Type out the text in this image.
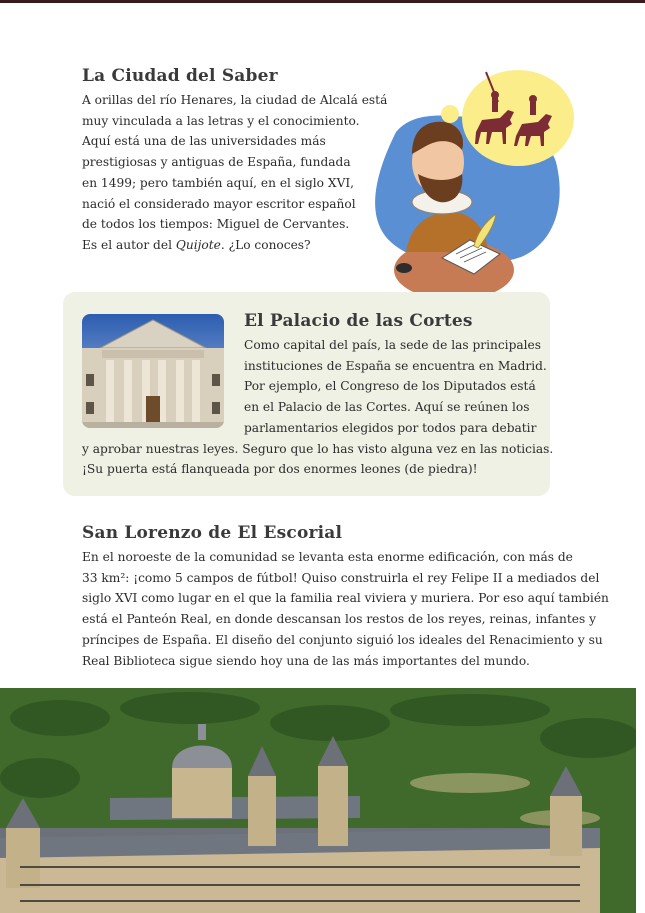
La Ciudad del Saber
A orillas del río Henares, la ciudad de Alcalá está
muy vinculada a las letras y el conocimiento.
Aquí está una de las universidades más
prestigiosas y antiguas de España, fundada
en 1499; pero también aquí, en el siglo XVI,
nació el considerado mayor escritor español
de todos los tiempos: Miguel de Cervantes.
Es el autor del Quijote. ¿Lo conoces?
El Palacio de las Cortes
Como capital del país, la sede de las principales
instituciones de España se encuentra en Madrid.
Por ejemplo, el Congreso de los Diputados está
en el Palacio de las Cortes. Aquí se reúnen los
parlamentarios elegidos por todos para debatir
y aprobar nuestras leyes. Seguro que lo has visto alguna vez en las noticias.
¡Su puerta está flanqueada por dos enormes leones (de piedra)!
San Lorenzo de El Escorial
En el noroeste de la comunidad se levanta esta enorme edificación, con más de
33 km²: ¡como 5 campos de fútbol! Quiso construirla el rey Felipe II a mediados del
siglo XVI como lugar en el que la familia real viviera y muriera. Por eso aquí también
está el Panteón Real, en donde descansan los restos de los reyes, reinas, infantes y
príncipes de España. El diseño del conjunto siguió los ideales del Renacimiento y su
Real Biblioteca sigue siendo hoy una de las más importantes del mundo.
